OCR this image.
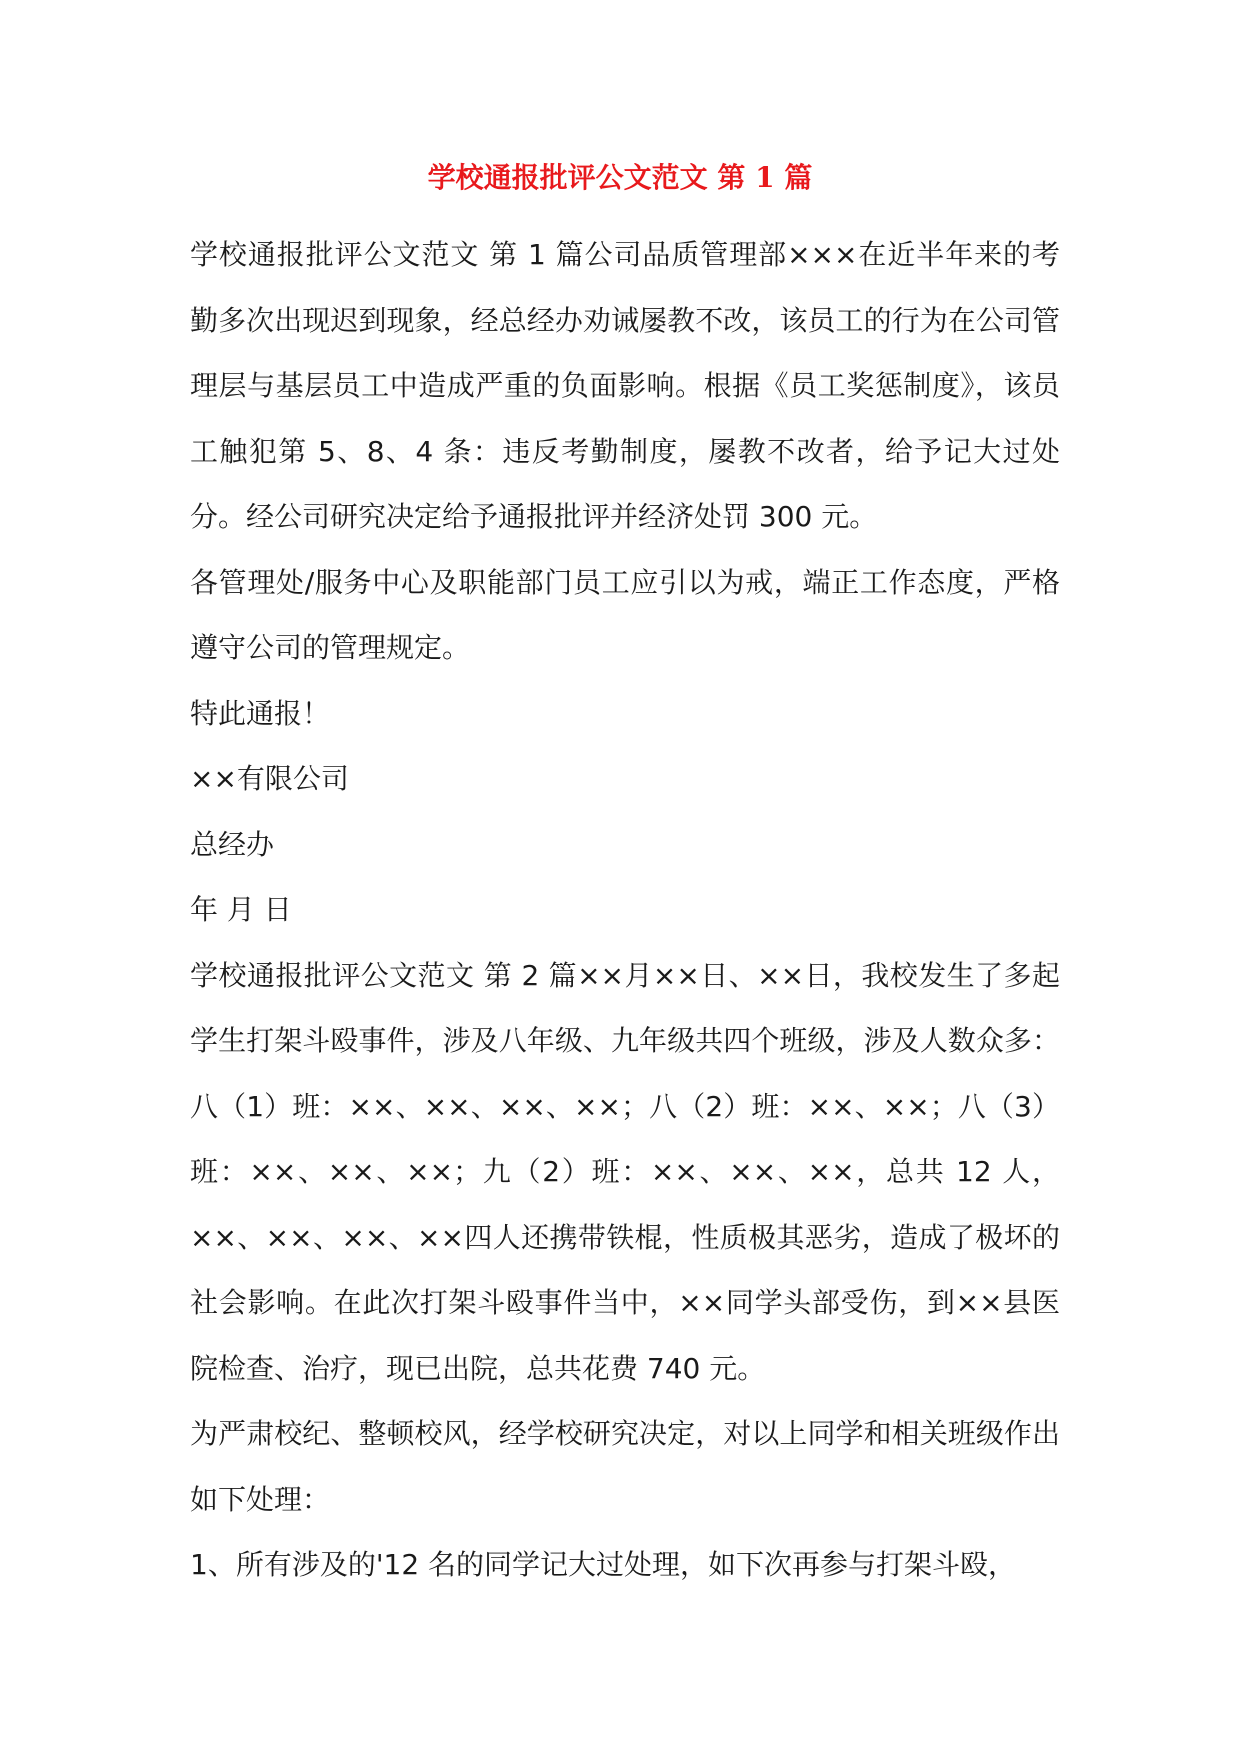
学校通报批评公文范文 第 1 篇

学校通报批评公文范文 第 1 篇公司品质管理部×××在近半年来的考勤多次出现迟到现象，经总经办劝诫屡教不改，该员工的行为在公司管理层与基层员工中造成严重的负面影响。根据《员工奖惩制度》，该员工触犯第 5、8、4 条：违反考勤制度，屡教不改者，给予记大过处分。经公司研究决定给予通报批评并经济处罚 300 元。

各管理处/服务中心及职能部门员工应引以为戒，端正工作态度，严格遵守公司的管理规定。

特此通报！

××有限公司

总经办

年 月 日

学校通报批评公文范文 第 2 篇××月××日、××日，我校发生了多起学生打架斗殴事件，涉及八年级、九年级共四个班级，涉及人数众多：八（1）班：××、××、××、××；八（2）班：××、××；八（3）班：××、××、××；九（2）班：××、××、××，总共 12 人，××、××、××、××四人还携带铁棍，性质极其恶劣，造成了极坏的社会影响。在此次打架斗殴事件当中，××同学头部受伤，到××县医院检查、治疗，现已出院，总共花费 740 元。

为严肃校纪、整顿校风，经学校研究决定，对以上同学和相关班级作出如下处理：

1、所有涉及的'12 名的同学记大过处理，如下次再参与打架斗殴，
